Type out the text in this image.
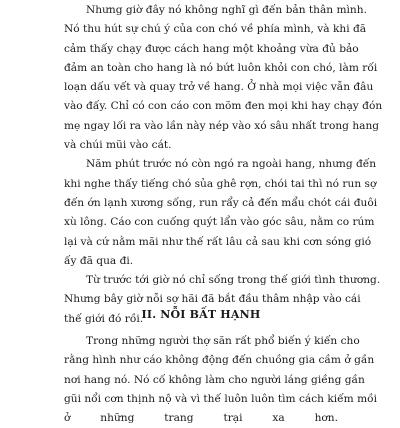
Nhưng giờ đây nó không nghĩ gì đến bản thân mình.
Nó thu hút sự chú ý của con chó về phía mình, và khi đã
cảm thấy chạy được cách hang một khoảng vừa đủ bảo
đảm an toàn cho hang là nó bứt luôn khỏi con chó, làm rối
loạn dấu vết và quay trở về hang. Ở nhà mọi việc vẫn đâu
vào đấy. Chỉ có con cáo con mõm đen mọi khi hay chạy đón
mẹ ngay lối ra vào lần này nép vào xó sâu nhất trong hang
và chúi mũi vào cát.
Năm phút trước nó còn ngó ra ngoài hang, nhưng đến
khi nghe thấy tiếng chó sủa ghê rợn, chói tai thì nó run sợ
đến ớn lạnh xương sống, run rẩy cả đến mẩu chót cái đuôi
xù lông. Cáo con cuống quýt lẩn vào góc sâu, nằm co rúm
lại và cứ nằm mãi như thế rất lâu cả sau khi cơn sóng gió
ấy đã qua đi.
Từ trước tới giờ nó chỉ sống trong thế giới tình thương.
Nhưng bây giờ nỗi sợ hãi đã bắt đầu thâm nhập vào cái
thế giới đó rồi.
II. NỖI BẤT HẠNH
Trong những người thợ săn rất phổ biến ý kiến cho
rằng hình như cáo không động đến chuồng gia cầm ở gần
nơi hang nó. Nó cố không làm cho người láng giềng gần
gũi nổi cơn thịnh nộ và vì thế luôn luôn tìm cách kiếm mồi
ở những trang trại xa hơn.
